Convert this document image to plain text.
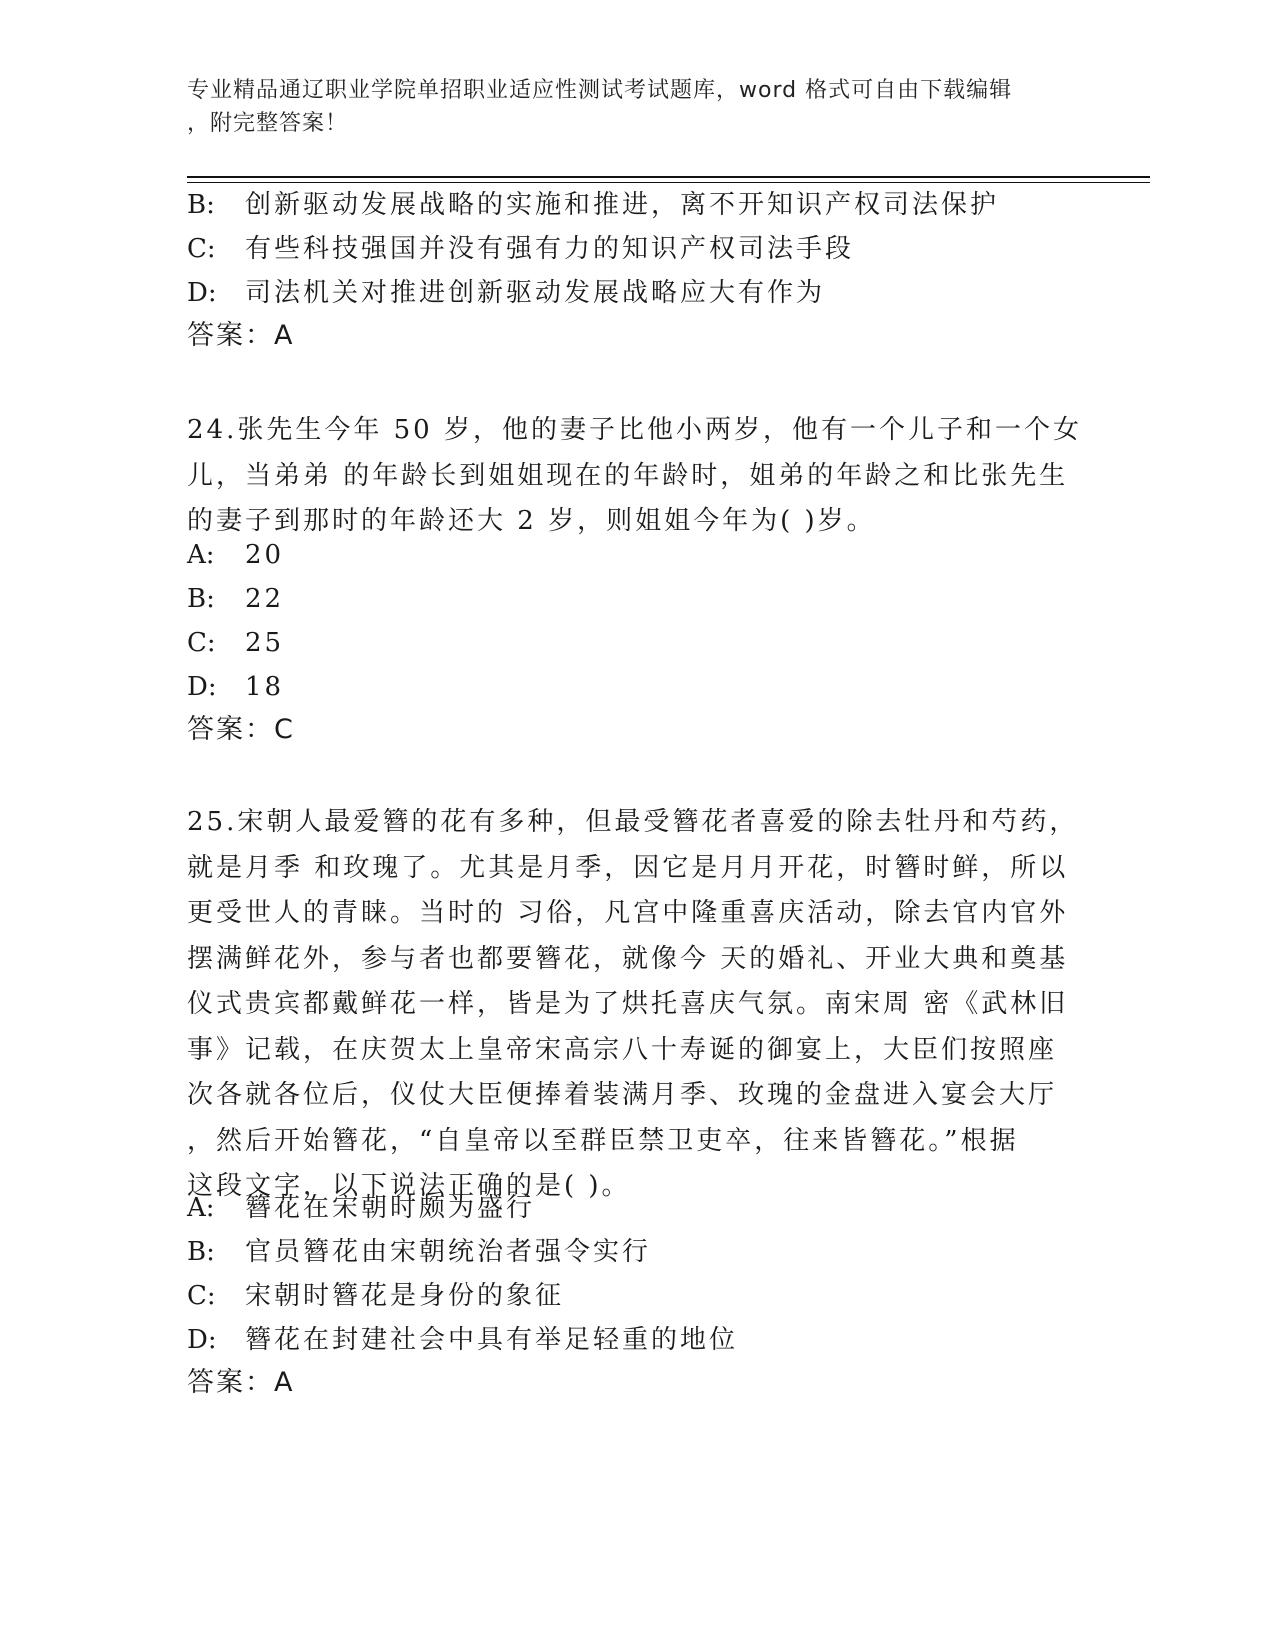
专业精品通辽职业学院单招职业适应性测试考试题库，word 格式可自由下载编辑
，附完整答案！
B: 创新驱动发展战略的实施和推进，离不开知识产权司法保护
C: 有些科技强国并没有强有力的知识产权司法手段
D: 司法机关对推进创新驱动发展战略应大有作为
答案：A
24.张先生今年 50 岁，他的妻子比他小两岁，他有一个儿子和一个女
儿，当弟弟 的年龄长到姐姐现在的年龄时，姐弟的年龄之和比张先生
的妻子到那时的年龄还大 2 岁，则姐姐今年为( )岁。
A: 20
B: 22
C: 25
D: 18
答案：C
25.宋朝人最爱簪的花有多种，但最受簪花者喜爱的除去牡丹和芍药，
就是月季 和玫瑰了。尤其是月季，因它是月月开花，时簪时鲜，所以
更受世人的青睐。当时的 习俗，凡宫中隆重喜庆活动，除去官内官外
摆满鲜花外，参与者也都要簪花，就像今 天的婚礼、开业大典和奠基
仪式贵宾都戴鲜花一样，皆是为了烘托喜庆气氛。南宋周 密《武林旧
事》记载，在庆贺太上皇帝宋高宗八十寿诞的御宴上，大臣们按照座
次各就各位后，仪仗大臣便捧着装满月季、玫瑰的金盘进入宴会大厅
，然后开始簪花，“自皇帝以至群臣禁卫吏卒，往来皆簪花。”根据
这段文字，以下说法正确的是( )。
A: 簪花在宋朝时颇为盛行
B: 官员簪花由宋朝统治者强令实行
C: 宋朝时簪花是身份的象征
D: 簪花在封建社会中具有举足轻重的地位
答案：A
